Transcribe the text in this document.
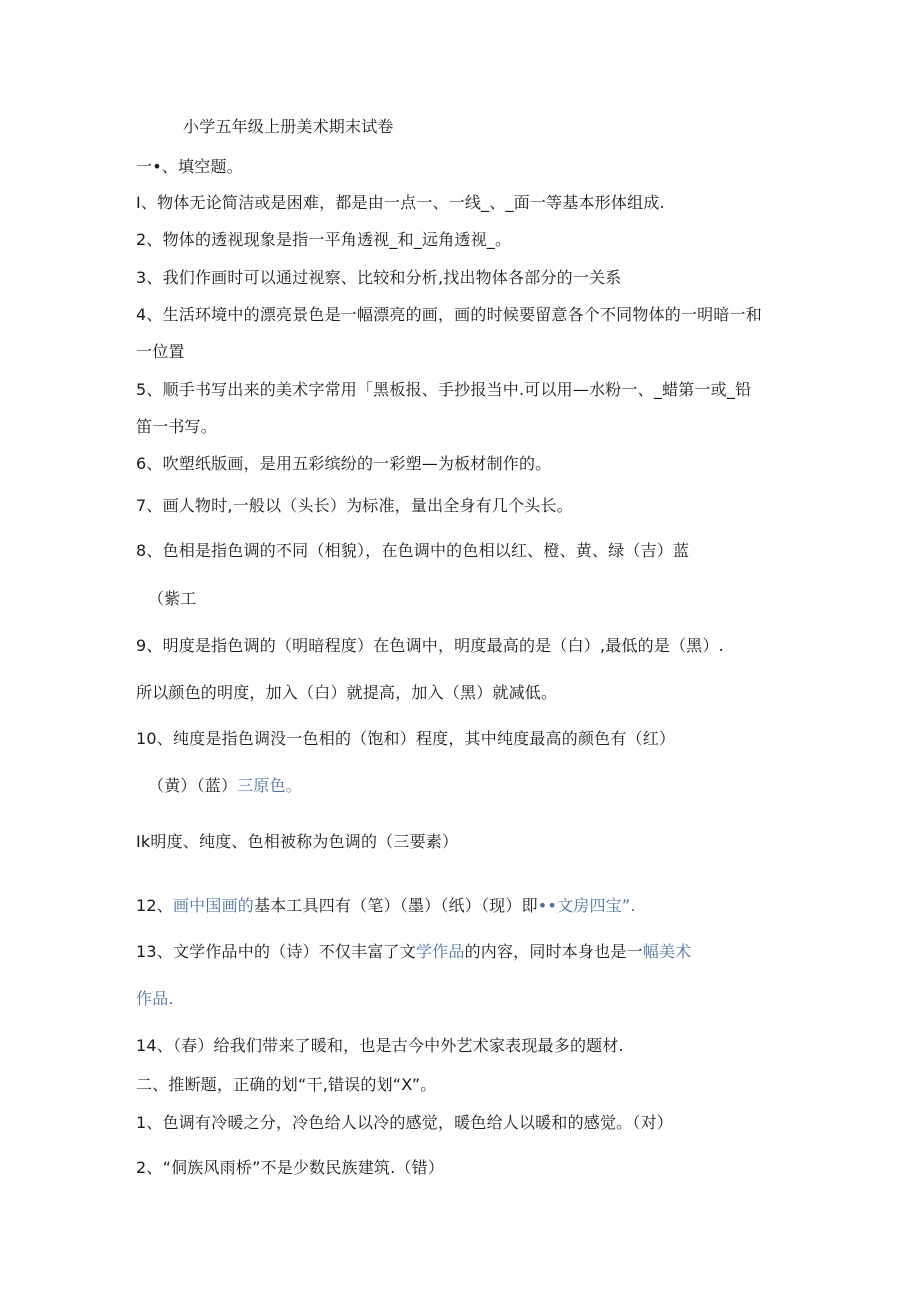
小学五年级上册美术期末试卷
一•、填空题。
I、物体无论简洁或是困难，都是由一点一、一线_、_面一等基本形体组成.
2、物体的透视现象是指一平角透视_和_远角透视_。
3、我们作画时可以通过视察、比较和分析,找出物体各部分的一关系
4、生活环境中的漂亮景色是一幅漂亮的画，画的时候要留意各个不同物体的一明暗一和
一位置
5、顺手书写出来的美术字常用「黑板报、手抄报当中.可以用—水粉一、_蜡第一或_铅
笛一书写。
6、吹塑纸版画，是用五彩缤纷的一彩塑—为板材制作的。
7、画人物时,一般以（头长）为标准，量出全身有几个头长。
8、色相是指色调的不同（相貌），在色调中的色相以红、橙、黄、绿（吉）蓝
（紫工
9、明度是指色调的（明暗程度）在色调中，明度最高的是（白）,最低的是（黑）.
所以颜色的明度，加入（白）就提高，加入（黑）就减低。
10、纯度是指色调没一色相的（饱和）程度，其中纯度最高的颜色有（红）
（黄）（蓝）三原色。
Ik明度、纯度、色相被称为色调的（三要素）
12、画中国画的基本工具四有（笔）（墨）（纸）（现）即••文房四宝”.
13、文学作品中的（诗）不仅丰富了文学作品的内容，同时本身也是一幅美术
作品.
14、（春）给我们带来了暖和，也是古今中外艺术家表现最多的题材.
二、推断题，正确的划“干,错误的划“X”。
1、色调有冷暖之分，冷色给人以冷的感觉，暖色给人以暖和的感觉。（对）
2、“侗族风雨桥”不是少数民族建筑.（错）
